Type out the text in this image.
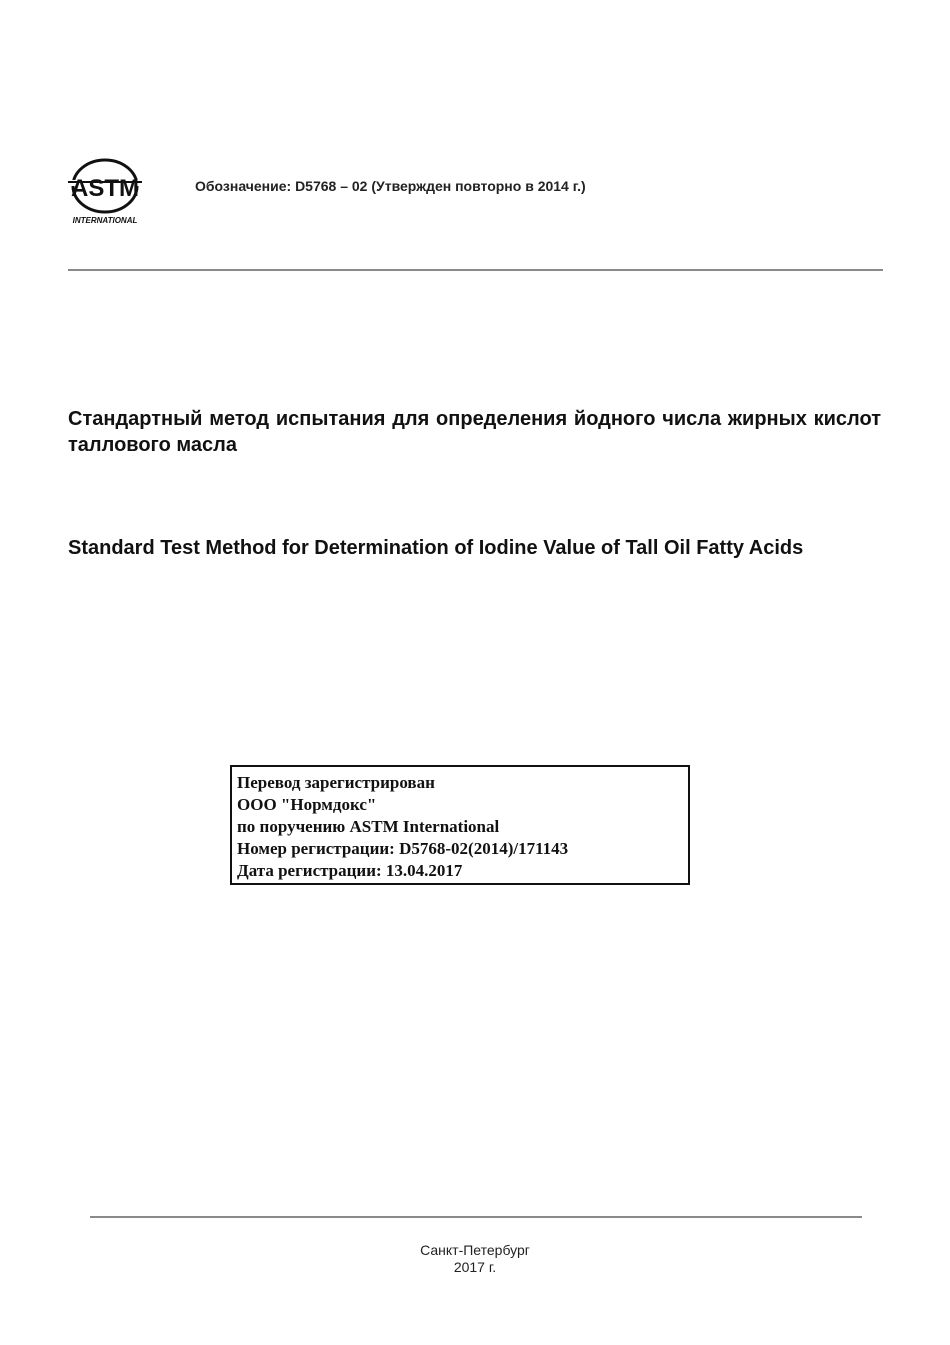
ASTM
INTERNATIONAL
Обозначение: D5768 – 02 (Утвержден повторно в 2014 г.)

Стандартный метод испытания для определения йодного числа жирных кислот таллового масла

Standard Test Method for Determination of Iodine Value of Tall Oil Fatty Acids

Перевод зарегистрирован
ООО "Нормдокс"
по поручению ASTM International
Номер регистрации: D5768-02(2014)/171143
Дата регистрации: 13.04.2017
Санкт-Петербург
2017 г.
